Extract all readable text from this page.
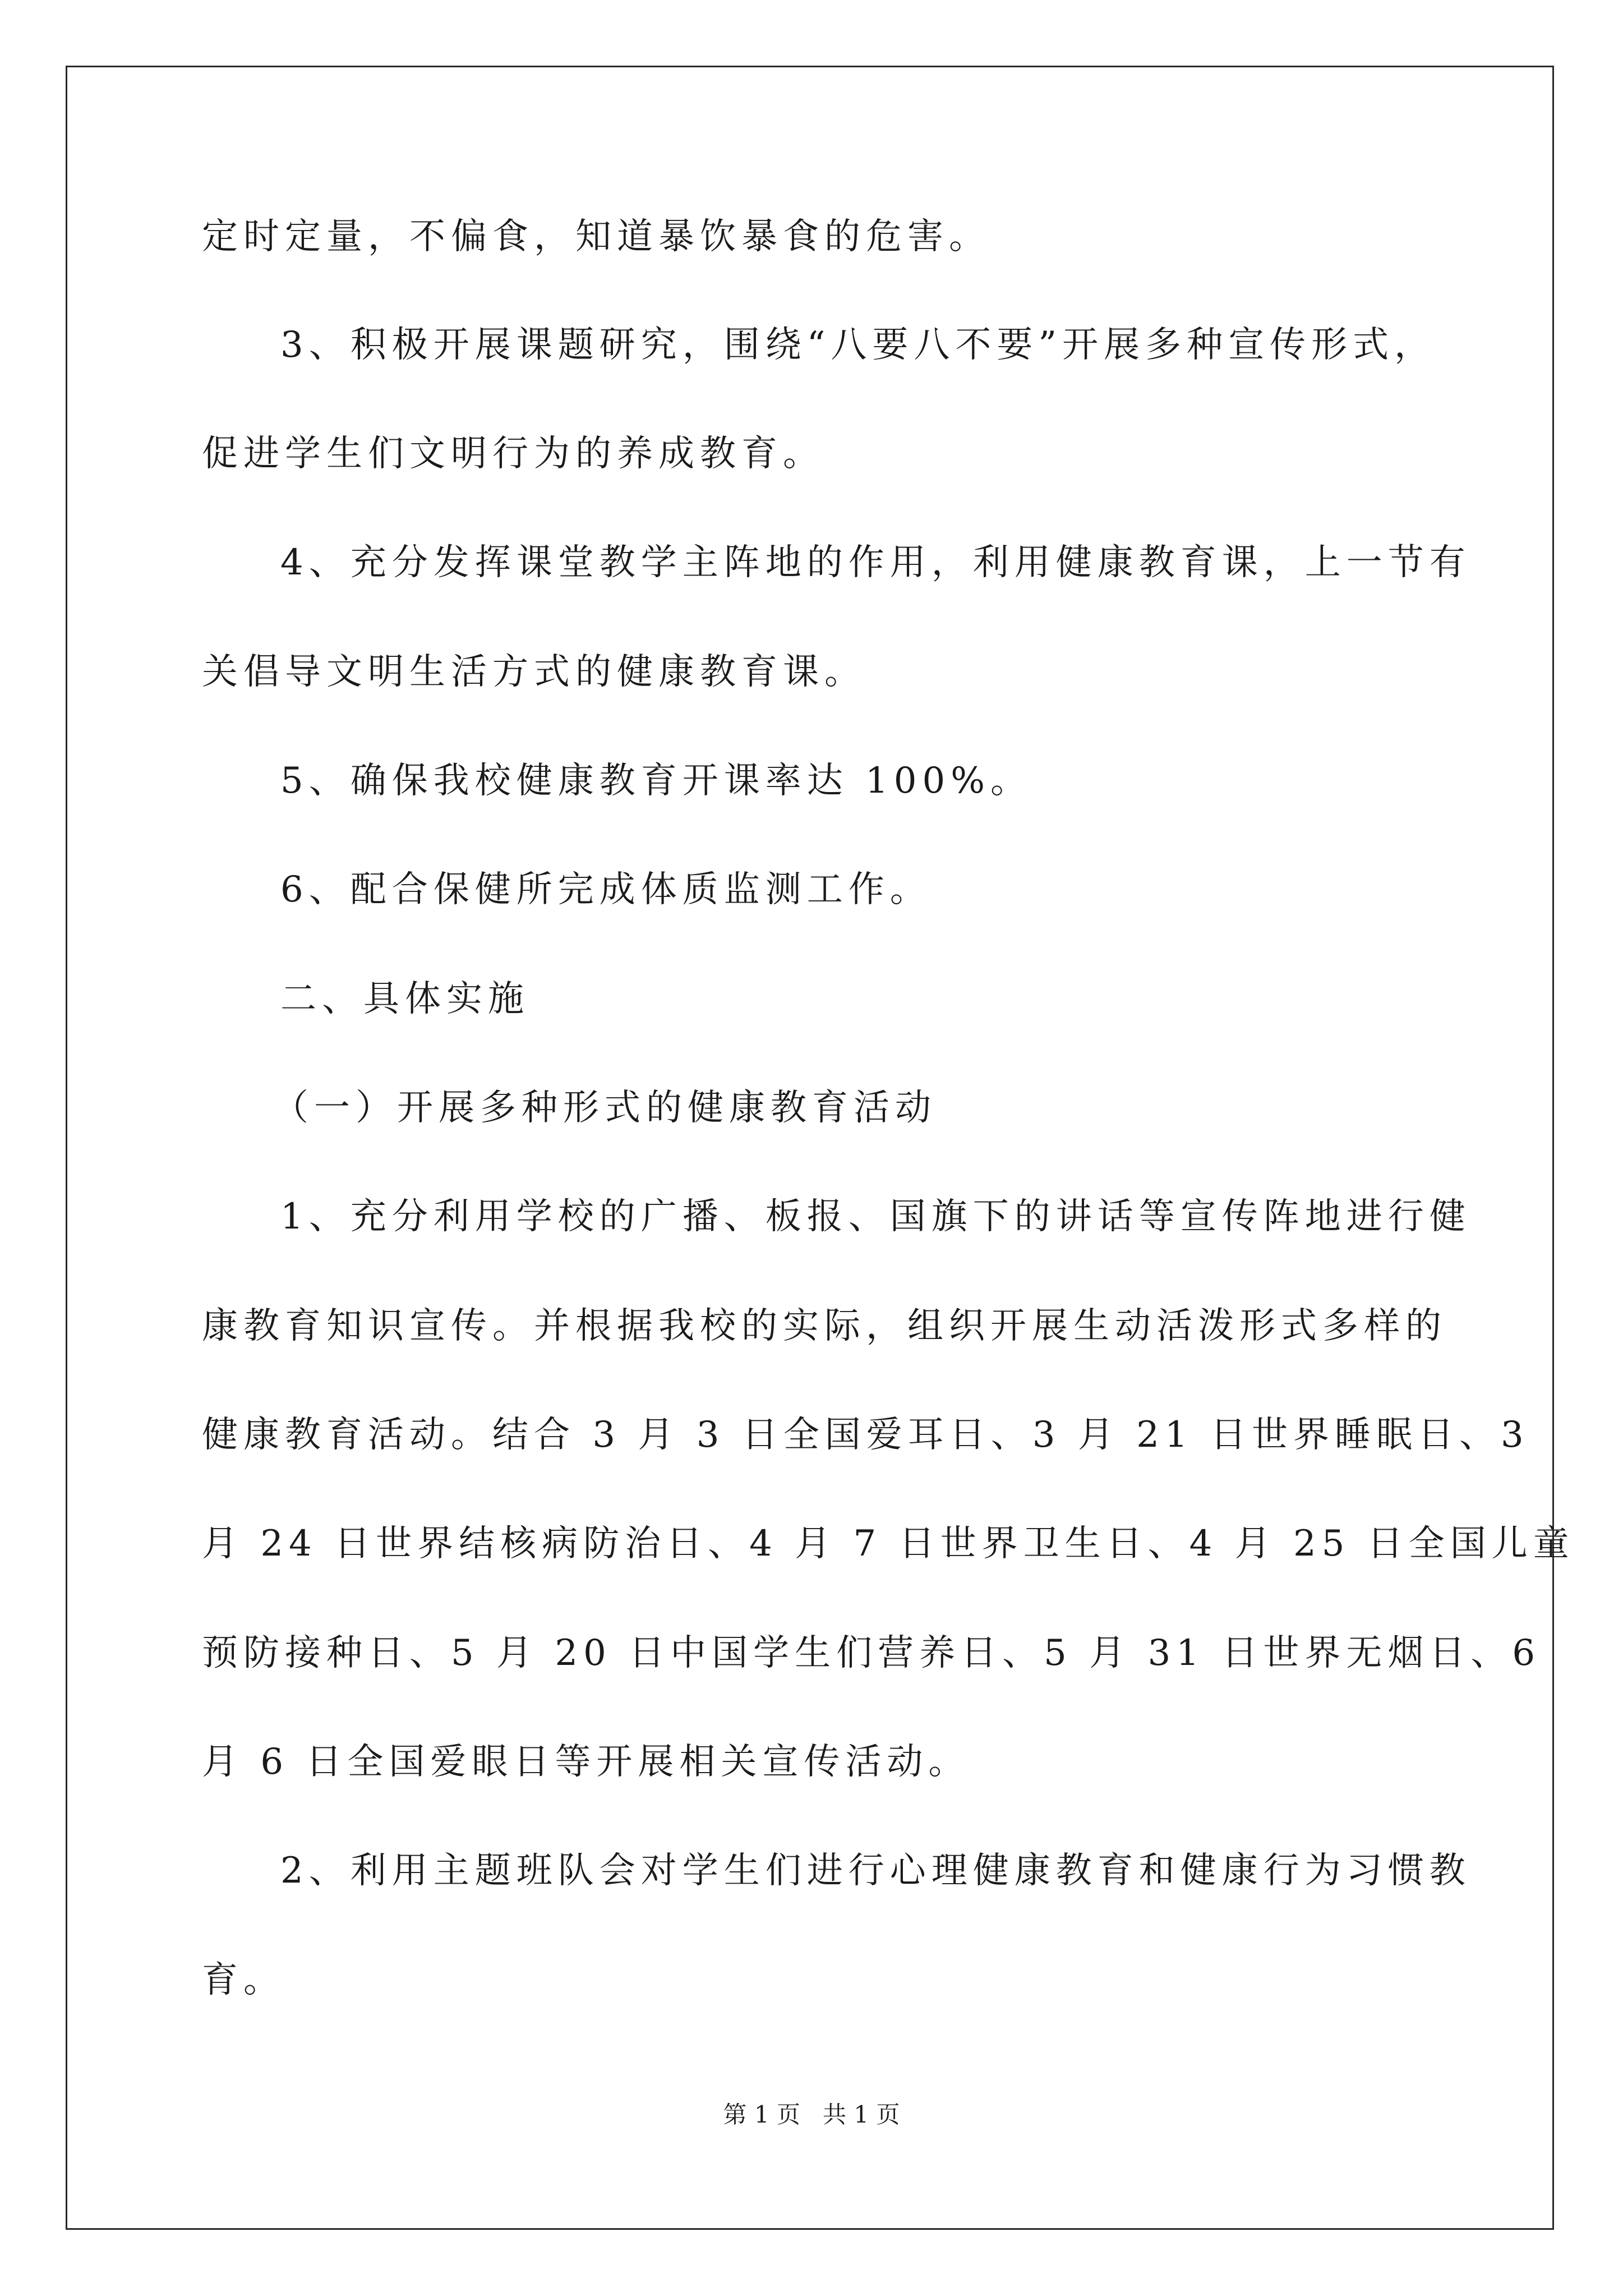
定时定量，不偏食，知道暴饮暴食的危害。
3、积极开展课题研究，围绕“八要八不要”开展多种宣传形式，
促进学生们文明行为的养成教育。
4、充分发挥课堂教学主阵地的作用，利用健康教育课，上一节有
关倡导文明生活方式的健康教育课。
5、确保我校健康教育开课率达 100%。
6、配合保健所完成体质监测工作。
二、具体实施
（一）开展多种形式的健康教育活动
1、充分利用学校的广播、板报、国旗下的讲话等宣传阵地进行健
康教育知识宣传。并根据我校的实际，组织开展生动活泼形式多样的
健康教育活动。结合 3 月 3 日全国爱耳日、3 月 21 日世界睡眠日、3
月 24 日世界结核病防治日、4 月 7 日世界卫生日、4 月 25 日全国儿童
预防接种日、5 月 20 日中国学生们营养日、5 月 31 日世界无烟日、6
月 6 日全国爱眼日等开展相关宣传活动。
2、利用主题班队会对学生们进行心理健康教育和健康行为习惯教
育。
第 1 页   共 1 页
